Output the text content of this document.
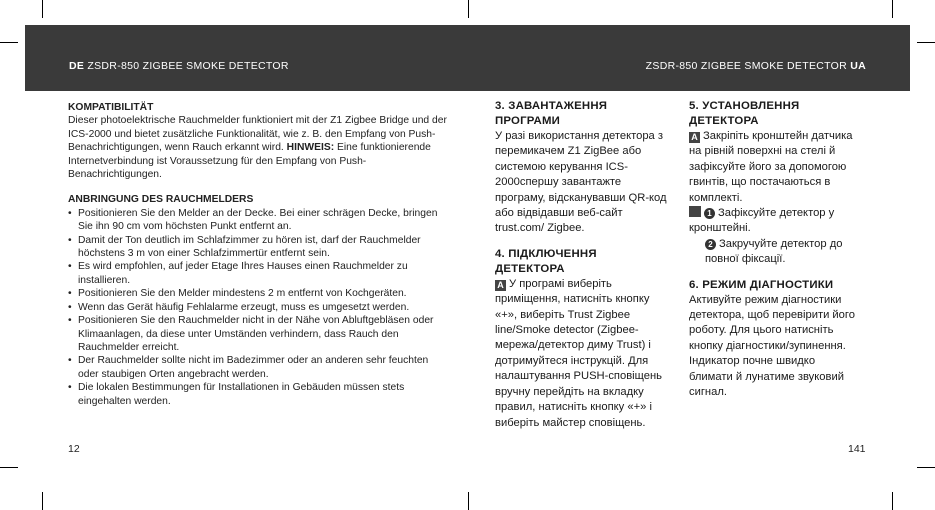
DE ZSDR-850 ZIGBEE SMOKE DETECTOR	ZSDR-850 ZIGBEE SMOKE DETECTOR UA
KOMPATIBILITÄT

Dieser photoelektrische Rauchmelder funktioniert mit der Z1 Zigbee Bridge und der ICS-2000 und bietet zusätzliche Funktionalität, wie z. B. den Empfang von Push-Benachrichtigungen, wenn Rauch erkannt wird. HINWEIS: Eine funktionierende Internetverbindung ist Voraussetzung für den Empfang von Push-Benachrichtigungen.

ANBRINGUNG DES RAUCHMELDERS
• Positionieren Sie den Melder an der Decke. Bei einer schrägen Decke, bringen Sie ihn 90 cm vom höchsten Punkt entfernt an.
• Damit der Ton deutlich im Schlafzimmer zu hören ist, darf der Rauchmelder höchstens 3 m von einer Schlafzimmertür entfernt sein.
• Es wird empfohlen, auf jeder Etage Ihres Hauses einen Rauchmelder zu installieren.
• Positionieren Sie den Melder mindestens 2 m entfernt von Kochgeräten.
• Wenn das Gerät häufig Fehlalarme erzeugt, muss es umgesetzt werden.
• Positionieren Sie den Rauchmelder nicht in der Nähe von Abluftgebläsen oder Klimaanlagen, da diese unter Umständen verhindern, dass Rauch den Rauchmelder erreicht.
• Der Rauchmelder sollte nicht im Badezimmer oder an anderen sehr feuchten oder staubigen Orten angebracht werden.
• Die lokalen Bestimmungen für Installationen in Gebäuden müssen stets eingehalten werden.
3. ЗАВАНТАЖЕННЯ
ПРОГРАМИ

У разі використання детектора з перемикачем Z1 ZigBee або системою керування ICS-2000спершу завантажте програму, відсканувавши QR-код або відвідавши веб-сайт trust.com/ Zigbee.

4. ПІДКЛЮЧЕННЯ
ДЕТЕКТОРА

A У програмі виберіть приміщення, натисніть кнопку «+», виберіть Trust Zigbee line/Smoke detector (Zigbee-мережа/детектор диму Trust) і дотримуйтеся інструкцій. Для налаштування PUSH-сповіщень вручну перейдіть на вкладку правил, натисніть кнопку «+» і виберіть майстер сповіщень.

5. УСТАНОВЛЕННЯ
ДЕТЕКТОРА

A Закріпіть кронштейн датчика на рівній поверхні на стелі й зафіксуйте його за допомогою гвинтів, що постачаються в комплекті.

1 Зафіксуйте детектор у кронштейні.

2 Закручуйте детектор до повної фіксації.

6. РЕЖИМ ДІАГНОСТИКИ

Активуйте режим діагностики детектора, щоб перевірити його роботу. Для цього натисніть кнопку діагностики/зупинення. Індикатор почне швидко блимати й лунатиме звуковий сигнал.

12	141
